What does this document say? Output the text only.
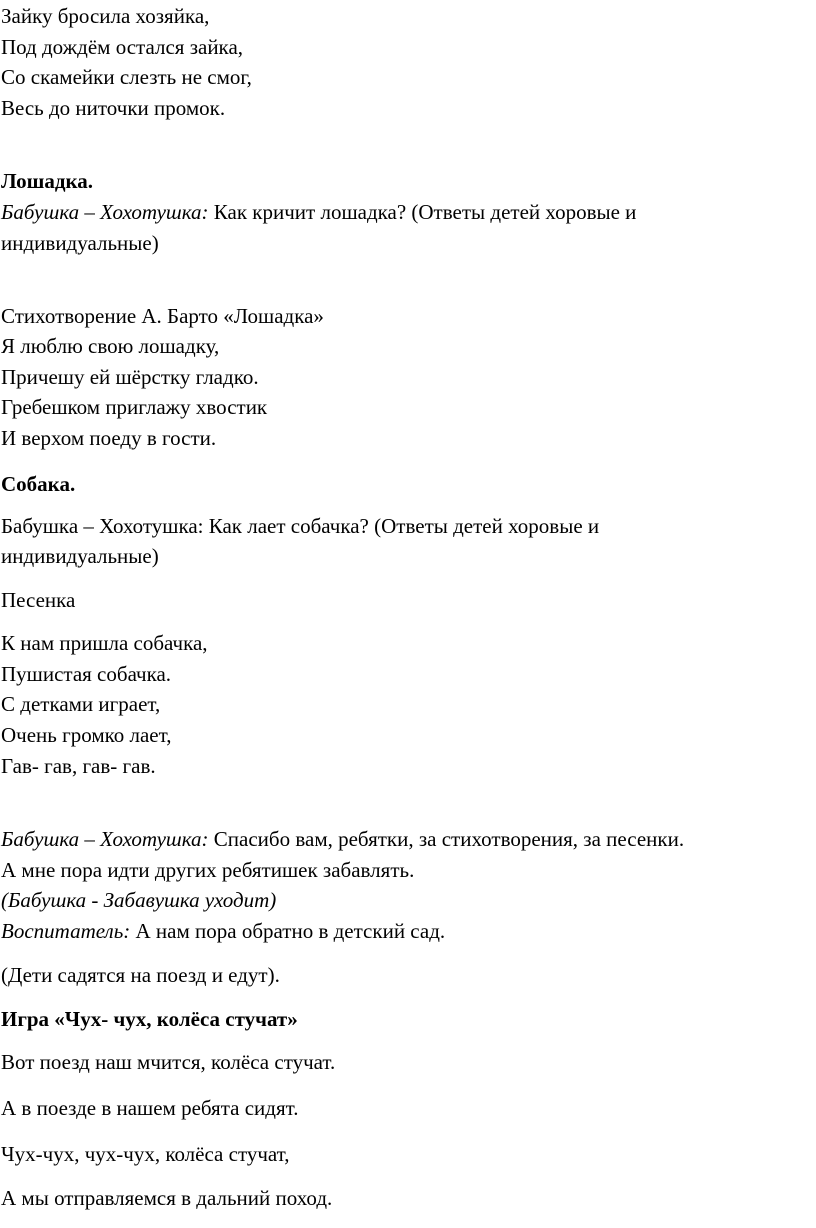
Зайку бросила хозяйка,
Под дождём остался зайка,
Со скамейки слезть не смог,
Весь до ниточки промок.
Лошадка.
Бабушка – Хохотушка: Как кричит лошадка? (Ответы детей хоровые и
индивидуальные)
Стихотворение А. Барто «Лошадка»
Я люблю свою лошадку,
Причешу ей шёрстку гладко.
Гребешком приглажу хвостик
И верхом поеду в гости.
Собака.
Бабушка – Хохотушка: Как лает собачка? (Ответы детей хоровые и
индивидуальные)
Песенка
К нам пришла собачка,
Пушистая собачка.
С детками играет,
Очень громко лает,
Гав- гав, гав- гав.
Бабушка – Хохотушка: Спасибо вам, ребятки, за стихотворения, за песенки.
А мне пора идти других ребятишек забавлять.
(Бабушка - Забавушка уходит)
Воспитатель: А нам пора обратно в детский сад.
(Дети садятся на поезд и едут).
Игра «Чух- чух, колёса стучат»
Вот поезд наш мчится, колёса стучат.
А в поезде в нашем ребята сидят.
Чух-чух, чух-чух, колёса стучат,
А мы отправляемся в дальний поход.
